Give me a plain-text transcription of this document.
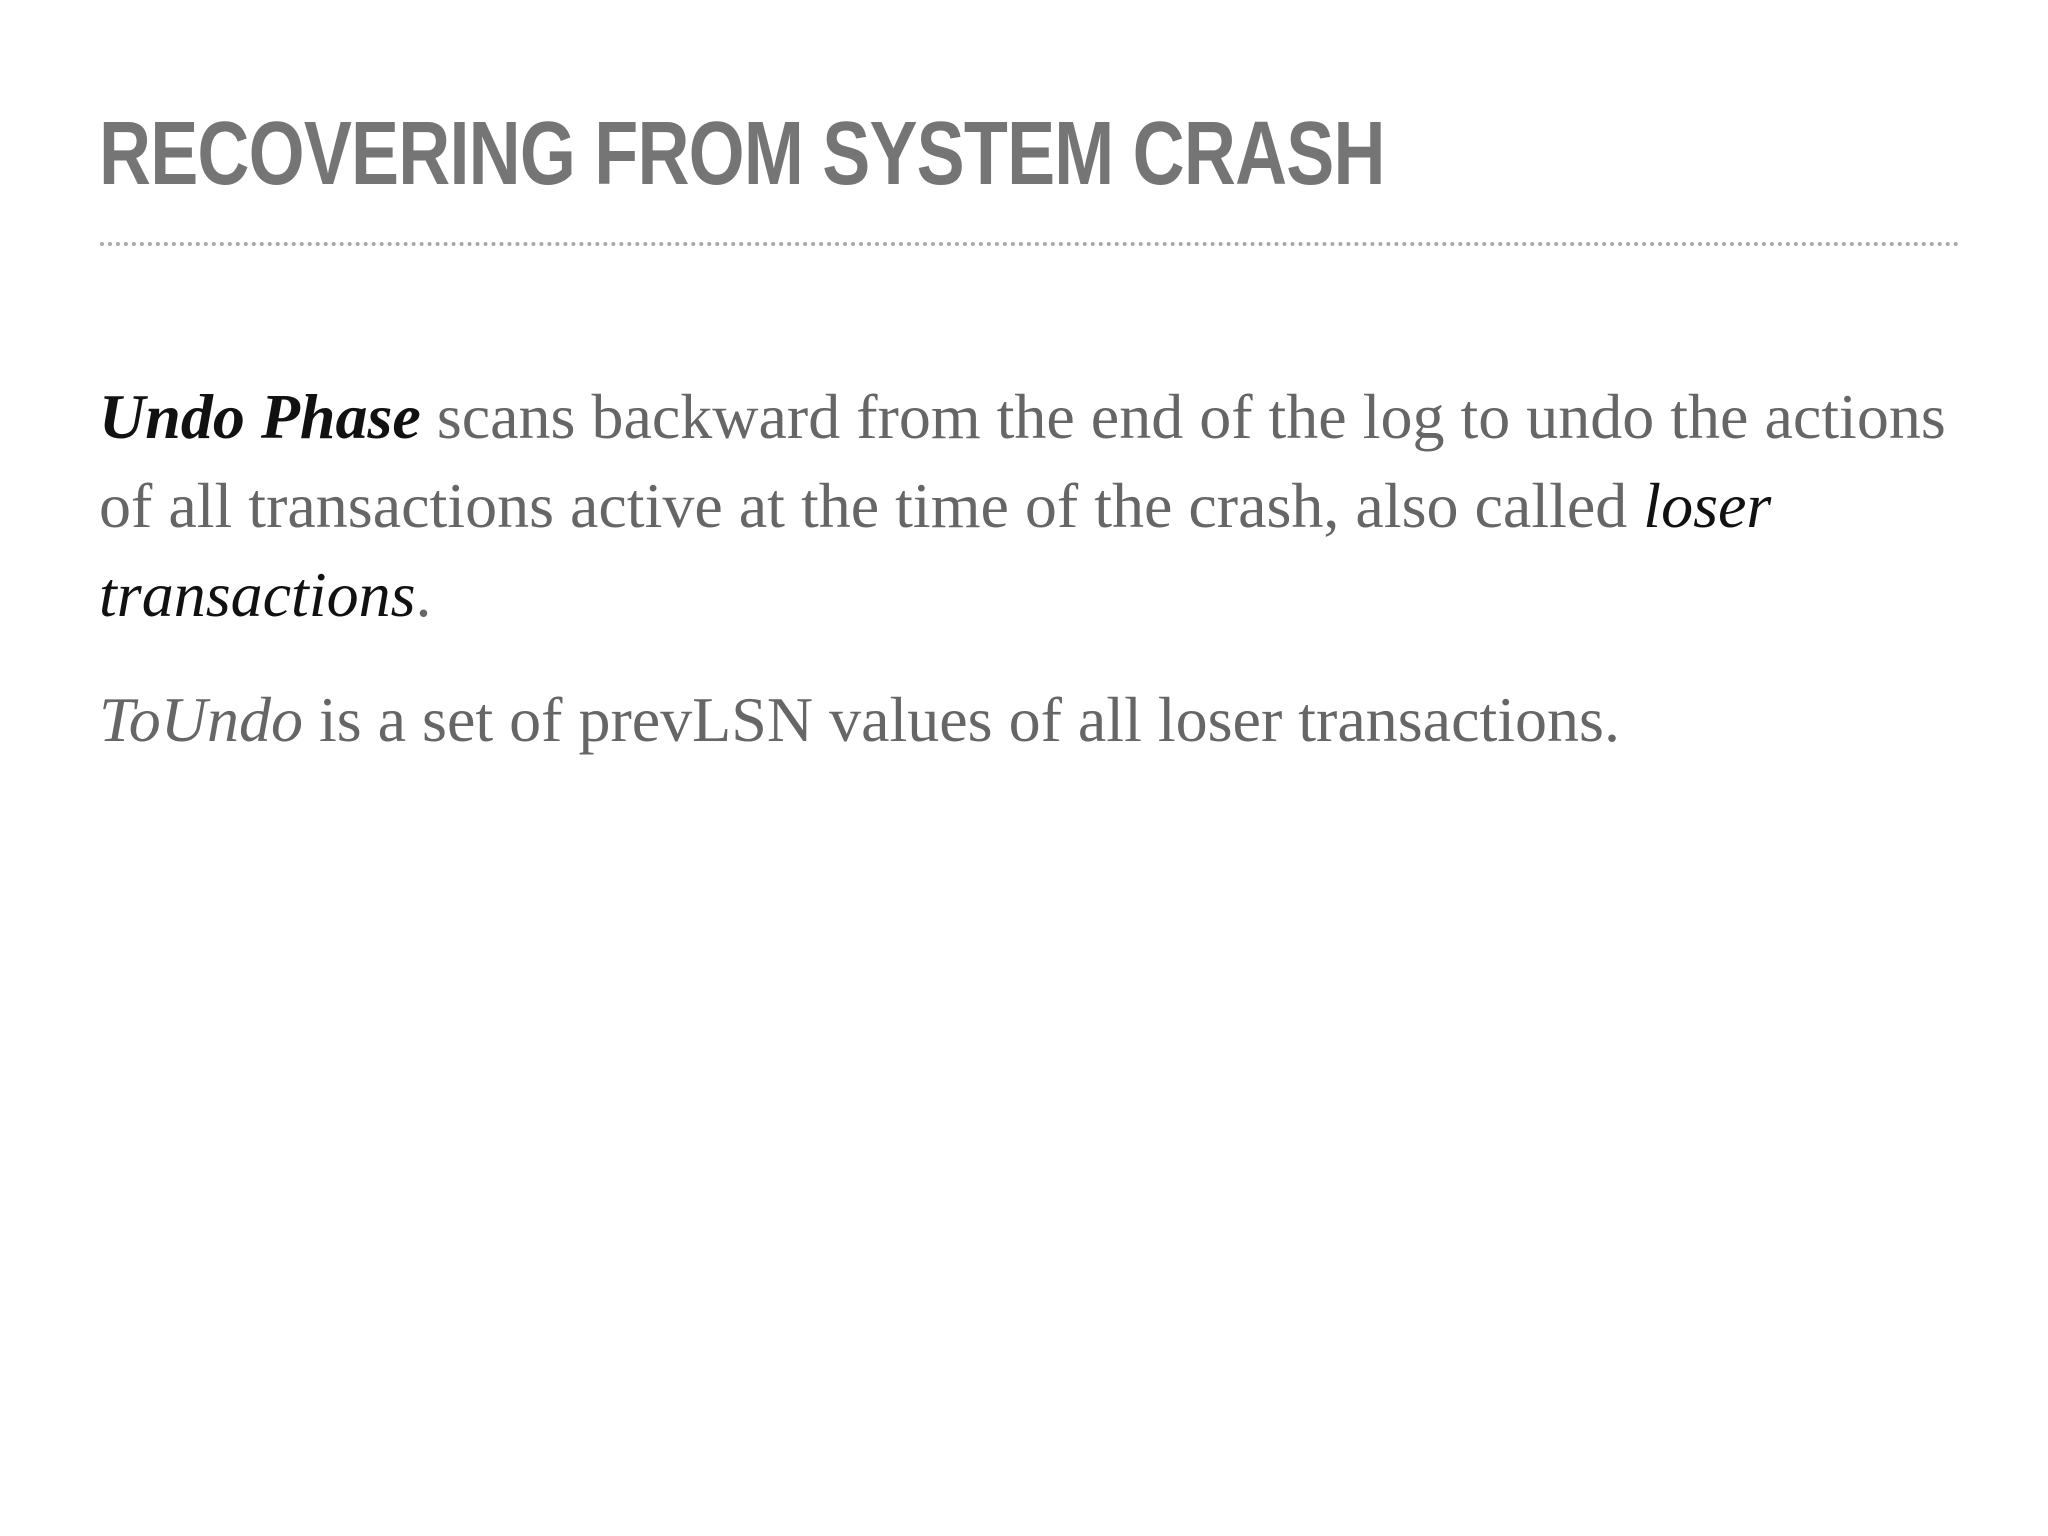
RECOVERING FROM SYSTEM CRASH

Undo Phase scans backward from the end of the log to undo the actions of all transactions active at the time of the crash, also called loser transactions.

ToUndo is a set of prevLSN values of all loser transactions.
